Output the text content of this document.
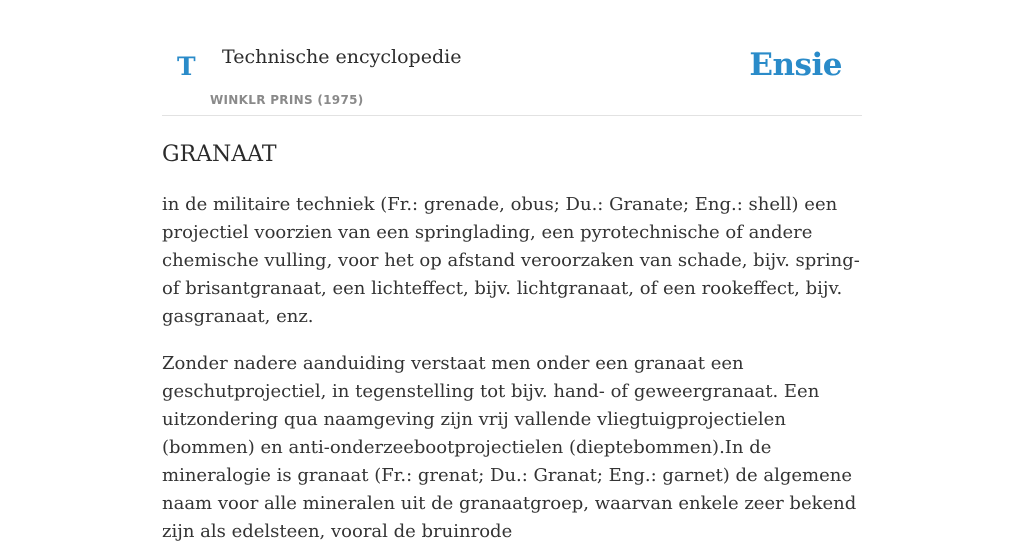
T Technische encyclopedie
WINKLR PRINS (1975)
Ensie
GRANAAT

in de militaire techniek (Fr.: grenade, obus; Du.: Granate; Eng.: shell) een projectiel voorzien van een springlading, een pyrotechnische of andere chemische vulling, voor het op afstand veroorzaken van schade, bijv. spring- of brisantgranaat, een lichteffect, bijv. lichtgranaat, of een rookeffect, bijv. gasgranaat, enz.

Zonder nadere aanduiding verstaat men onder een granaat een geschutprojectiel, in tegenstelling tot bijv. hand- of geweergranaat. Een uitzondering qua naamgeving zijn vrij vallende vliegtuigprojectielen (bommen) en anti-onderzeebootprojectielen (dieptebommen).In de mineralogie is granaat (Fr.: grenat; Du.: Granat; Eng.: garnet) de algemene naam voor alle mineralen uit de granaatgroep, waarvan enkele zeer bekend zijn als edelsteen, vooral de bruinrode
